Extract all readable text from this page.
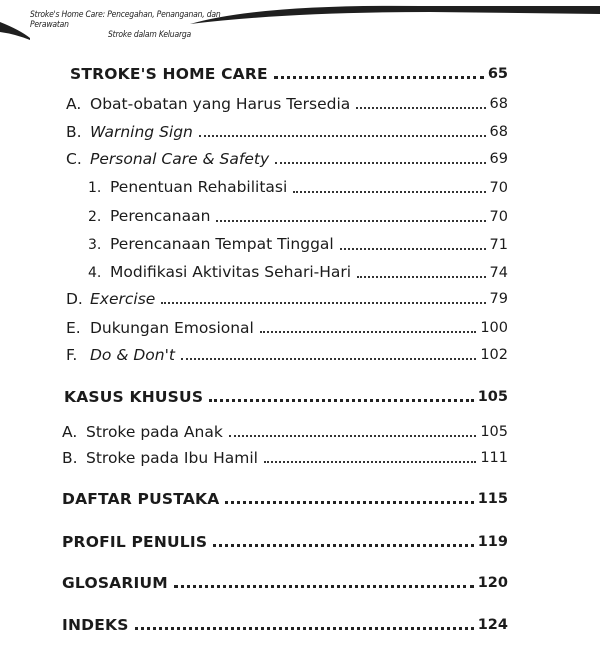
Stroke's Home Care: Pencegahan, Penanganan, dan Perawatan
Stroke dalam Keluarga
STROKE'S HOME CARE	65
A. Obat-obatan yang Harus Tersedia	68
B. Warning Sign	68
C. Personal Care & Safety	69
1. Penentuan Rehabilitasi	70
2. Perencanaan	70
3. Perencanaan Tempat Tinggal	71
4. Modifikasi Aktivitas Sehari-Hari	74
D. Exercise	79
E. Dukungan Emosional	100
F. Do & Don't	102
KASUS KHUSUS	105
A. Stroke pada Anak	105
B. Stroke pada Ibu Hamil	111
DAFTAR PUSTAKA	115
PROFIL PENULIS	119
GLOSARIUM	120
INDEKS	124
